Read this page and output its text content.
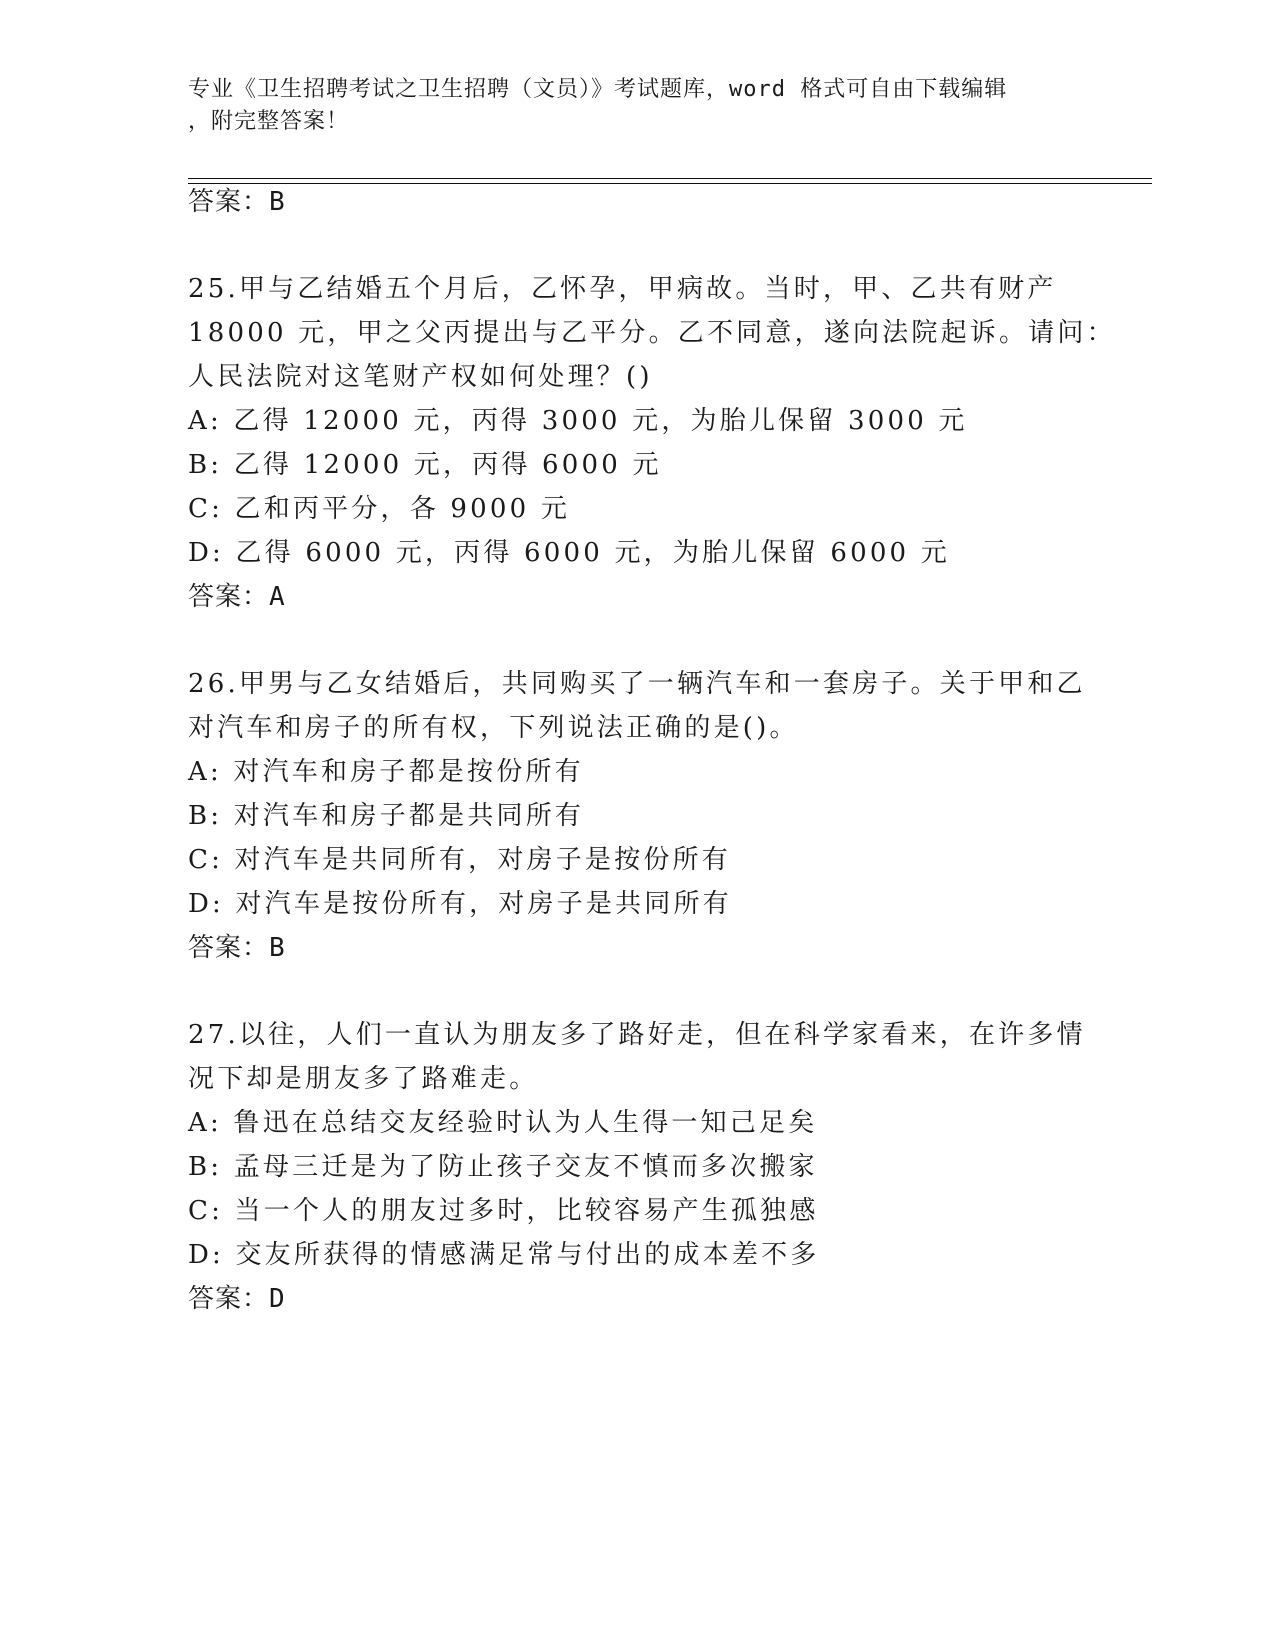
专业《卫生招聘考试之卫生招聘（文员）》考试题库，word 格式可自由下载编辑
，附完整答案！
答案：B
25.甲与乙结婚五个月后，乙怀孕，甲病故。当时，甲、乙共有财产
18000 元，甲之父丙提出与乙平分。乙不同意，遂向法院起诉。请问：
人民法院对这笔财产权如何处理？()
A: 乙得 12000 元，丙得 3000 元，为胎儿保留 3000 元
B: 乙得 12000 元，丙得 6000 元
C: 乙和丙平分，各 9000 元
D: 乙得 6000 元，丙得 6000 元，为胎儿保留 6000 元
答案：A
26.甲男与乙女结婚后，共同购买了一辆汽车和一套房子。关于甲和乙
对汽车和房子的所有权，下列说法正确的是()。
A: 对汽车和房子都是按份所有
B: 对汽车和房子都是共同所有
C: 对汽车是共同所有，对房子是按份所有
D: 对汽车是按份所有，对房子是共同所有
答案：B
27.以往，人们一直认为朋友多了路好走，但在科学家看来，在许多情
况下却是朋友多了路难走。
A: 鲁迅在总结交友经验时认为人生得一知己足矣
B: 孟母三迁是为了防止孩子交友不慎而多次搬家
C: 当一个人的朋友过多时，比较容易产生孤独感
D: 交友所获得的情感满足常与付出的成本差不多
答案：D
